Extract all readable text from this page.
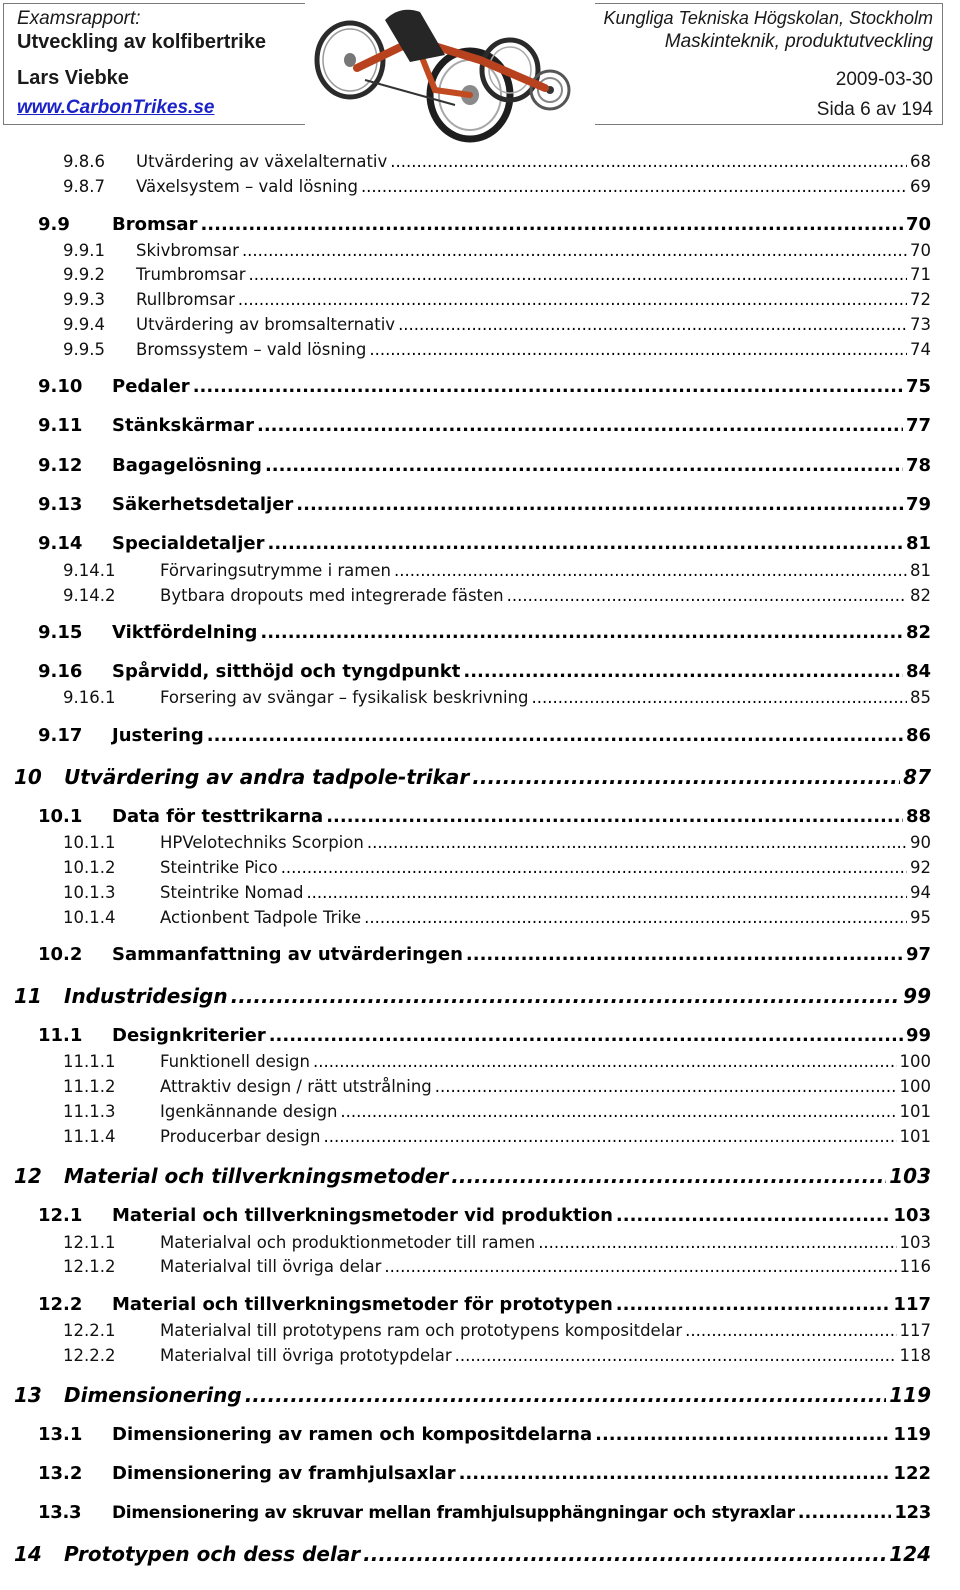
Examsrapport:
Utveckling av kolfibertrike
Lars Viebke
www.CarbonTrikes.se
Kungliga Tekniska Högskolan, Stockholm
Maskinteknik, produktutveckling
2009-03-30
Sida 6 av 194
9.8.6	Utvärdering av växelalternativ .....	68
9.8.7	Växelsystem – vald lösning .....	69
9.9	Bromsar .....	70
9.9.1	Skivbromsar .....	70
9.9.2	Trumbromsar .....	71
9.9.3	Rullbromsar .....	72
9.9.4	Utvärdering av bromsalternativ .....	73
9.9.5	Bromssystem – vald lösning .....	74
9.10	Pedaler .....	75
9.11	Stänkskärmar .....	77
9.12	Bagagelösning .....	78
9.13	Säkerhetsdetaljer .....	79
9.14	Specialdetaljer .....	81
9.14.1	Förvaringsutrymme i ramen .....	81
9.14.2	Bytbara dropouts med integrerade fästen .....	82
9.15	Viktfördelning .....	82
9.16	Spårvidd, sitthöjd och tyngdpunkt .....	84
9.16.1	Forsering av svängar – fysikalisk beskrivning .....	85
9.17	Justering .....	86
10	Utvärdering av andra tadpole-trikar .....	87
10.1	Data för testtrikarna .....	88
10.1.1	HPVelotechniks Scorpion .....	90
10.1.2	Steintrike Pico .....	92
10.1.3	Steintrike Nomad .....	94
10.1.4	Actionbent Tadpole Trike .....	95
10.2	Sammanfattning av utvärderingen .....	97
11	Industridesign .....	99
11.1	Designkriterier .....	99
11.1.1	Funktionell design .....	100
11.1.2	Attraktiv design / rätt utstrålning .....	100
11.1.3	Igenkännande design .....	101
11.1.4	Producerbar design .....	101
12	Material och tillverkningsmetoder .....	103
12.1	Material och tillverkningsmetoder vid produktion .....	103
12.1.1	Materialval och produktionmetoder till ramen .....	103
12.1.2	Materialval till övriga delar .....	116
12.2	Material och tillverkningsmetoder för prototypen .....	117
12.2.1	Materialval till prototypens ram och prototypens kompositdelar .....	117
12.2.2	Materialval till övriga prototypdelar .....	118
13	Dimensionering .....	119
13.1	Dimensionering av ramen och kompositdelarna .....	119
13.2	Dimensionering av framhjulsaxlar .....	122
13.3	Dimensionering av skruvar mellan framhjulsupphängningar och styraxlar .....	123
14	Prototypen och dess delar .....	124
